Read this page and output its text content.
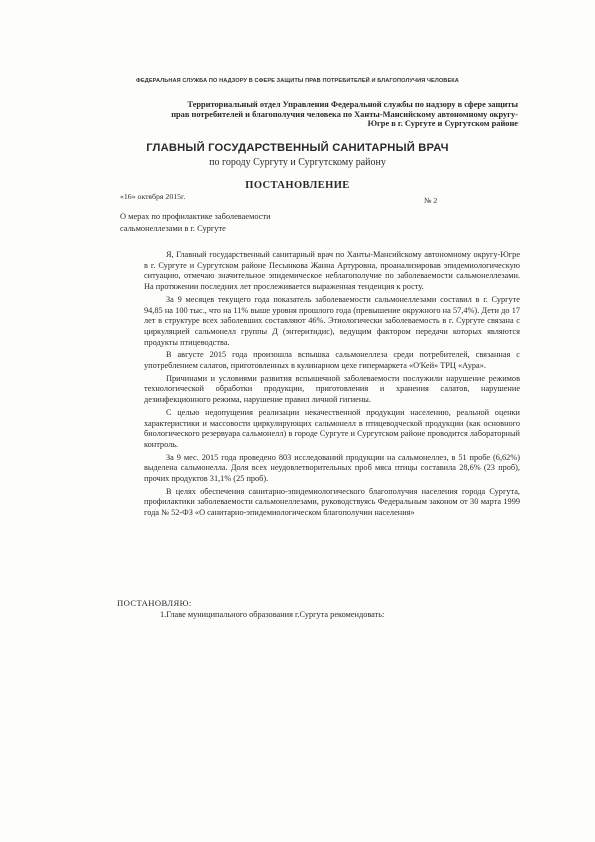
ФЕДЕРАЛЬНАЯ СЛУЖБА ПО НАДЗОРУ В СФЕРЕ ЗАЩИТЫ ПРАВ ПОТРЕБИТЕЛЕЙ И БЛАГОПОЛУЧИЯ ЧЕЛОВЕКА
Территориальный отдел Управления Федеральной службы по надзору в сфере защиты
прав потребителей и благополучия человека по Ханты-Мансийскому автономному округу-
Югре в г. Сургуте и Сургутском районе
ГЛАВНЫЙ ГОСУДАРСТВЕННЫЙ САНИТАРНЫЙ ВРАЧ
по городу Сургуту и Сургутскому району
ПОСТАНОВЛЕНИЕ
«16» октября 2015г.	№ 2
О мерах по профилактике заболеваемости
сальмонеллезами в г. Сургуте

Я, Главный государственный санитарный врач по Ханты-Мансийскому автономному округу-Югре в г. Сургуте и Сургутском районе Песынкова Жанна Артуровна, проанализировав эпидемиологическую ситуацию, отмечаю значительное эпидемическое неблагополучие по заболеваемости сальмонеллезами. На протяжении последних лет прослеживается выраженная тенденция к росту.

За 9 месяцев текущего года показатель заболеваемости сальмонеллезами составил в г. Сургуте 94,85 на 100 тыс., что на 11% выше уровня прошлого года (превышение окружного на 57,4%). Дети до 17 лет в структуре всех заболевших составляют 46%. Этиологически заболеваемость в г. Сургуте связана с циркуляцией сальмонелл группы Д (энтеритидис), ведущим фактором передачи которых являются продукты птицеводства.

В августе 2015 года произошла вспышка сальмонеллеза среди потребителей, связанная с употреблением салатов, приготовленных в кулинарном цехе гипермаркета «О'Кей» ТРЦ «Аура».

Причинами и условиями развития вспышечной заболеваемости послужили нарушение режимов технологической обработки продукции, приготовления и хранения салатов, нарушение дезинфекционного режима, нарушение правил личной гигиены.

С целью недопущения реализации некачественной продукции населению, реальной оценки характеристики и массовости циркулирующих сальмонелл в птицеводческой продукции (как основного биологического резервуара сальмонелл) в городе Сургуте и Сургутском районе проводится лабораторный контроль.

За 9 мес. 2015 года проведено 803 исследований продукции на сальмонеллез, в 51 пробе (6,62%) выделена сальмонелла. Доля всех неудовлетворительных проб мяса птицы составила 28,6% (23 проб), прочих продуктов 31,1% (25 проб).

В целях обеспечения санитарно-эпидемиологического благополучия населения города Сургута, профилактики заболеваемости сальмонеллезами, руководствуясь Федеральным законом от 30 марта 1999 года № 52-ФЗ «О санитарно-эпидемиологическом благополучии населения»

ПОСТАНОВЛЯЮ:
1.Главе муниципального образования г.Сургута рекомендовать:
